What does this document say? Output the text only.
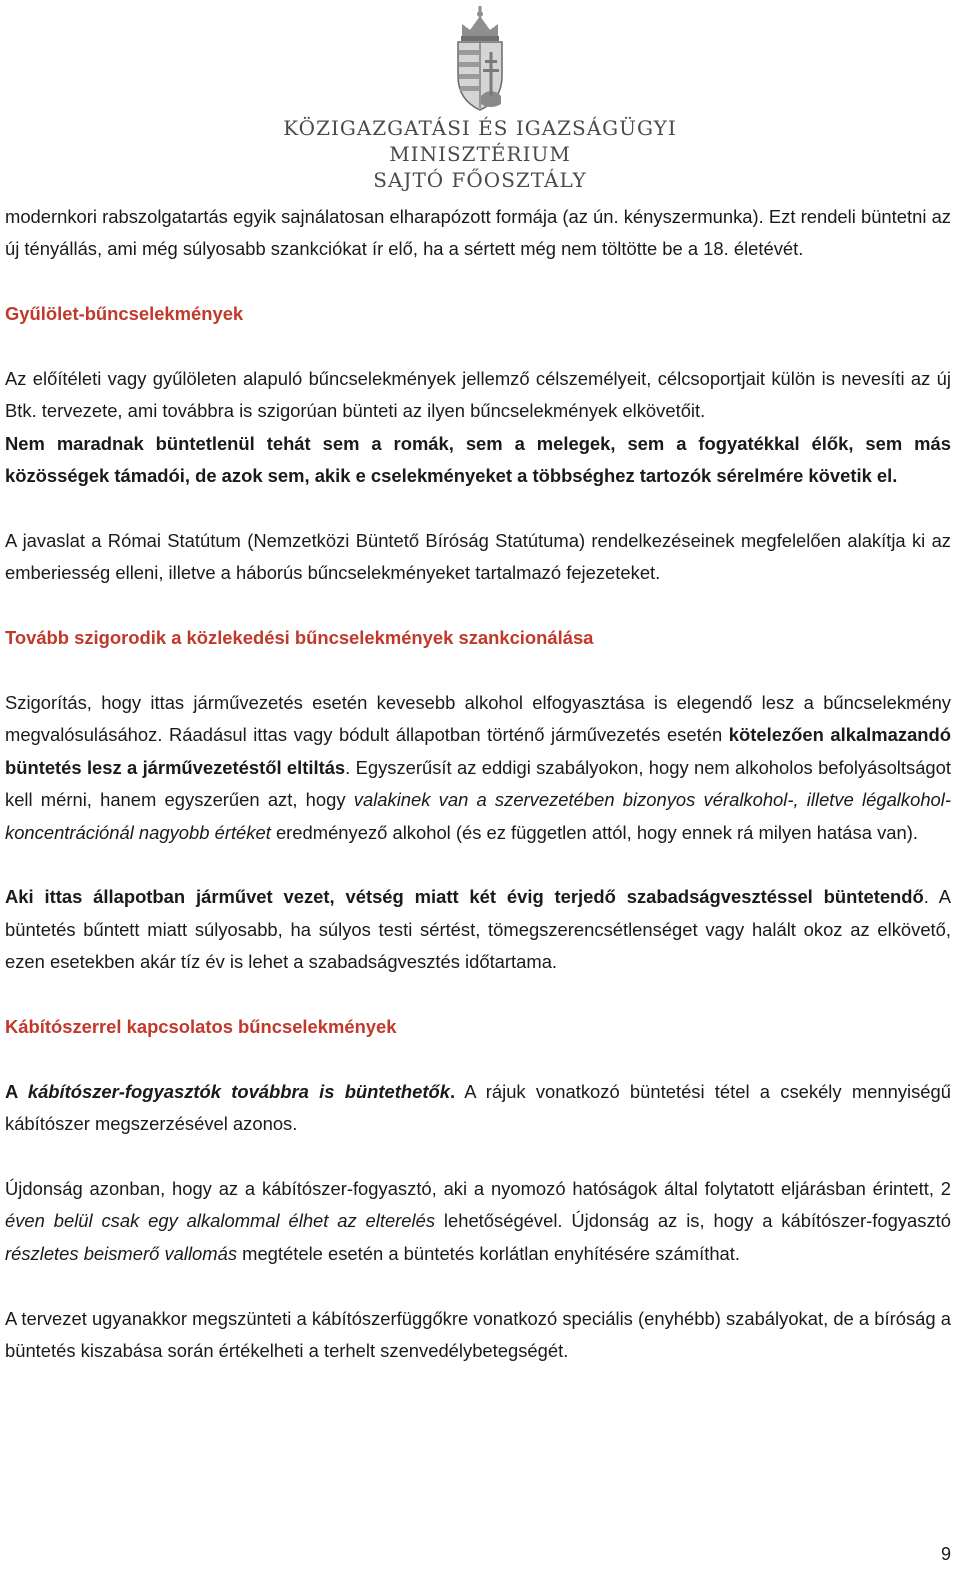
KÖZIGAZGATÁSI ÉS IGAZSÁGÜGYI
MINISZTÉRIUM
SAJTÓ FŐOSZTÁLY

modernkori rabszolgatartás egyik sajnálatosan elharapózott formája (az ún. kényszermunka). Ezt rendeli büntetni az új tényállás, ami még súlyosabb szankciókat ír elő, ha a sértett még nem töltötte be a 18. életévét.

Gyűlölet-bűncselekmények

Az előítéleti vagy gyűlöleten alapuló bűncselekmények jellemző célszemélyeit, célcsoportjait külön is nevesíti az új Btk. tervezete, ami továbbra is szigorúan bünteti az ilyen bűncselekmények elkövetőit.

Nem maradnak büntetlenül tehát sem a romák, sem a melegek, sem a fogyatékkal élők, sem más közösségek támadói, de azok sem, akik e cselekményeket a többséghez tartozók sérelmére követik el.

A javaslat a Római Statútum (Nemzetközi Büntető Bíróság Statútuma) rendelkezéseinek megfelelően alakítja ki az emberiesség elleni, illetve a háborús bűncselekményeket tartalmazó fejezeteket.

Tovább szigorodik a közlekedési bűncselekmények szankcionálása

Szigorítás, hogy ittas járművezetés esetén kevesebb alkohol elfogyasztása is elegendő lesz a bűncselekmény megvalósulásához. Ráadásul ittas vagy bódult állapotban történő járművezetés esetén kötelezően alkalmazandó büntetés lesz a járművezetéstől eltiltás. Egyszerűsít az eddigi szabályokon, hogy nem alkoholos befolyásoltságot kell mérni, hanem egyszerűen azt, hogy valakinek van a szervezetében bizonyos véralkohol-, illetve légalkohol-koncentrációnál nagyobb értéket eredményező alkohol (és ez független attól, hogy ennek rá milyen hatása van).

Aki ittas állapotban járművet vezet, vétség miatt két évig terjedő szabadságvesztéssel büntetendő. A büntetés bűntett miatt súlyosabb, ha súlyos testi sértést, tömegszerencsétlenséget vagy halált okoz az elkövető, ezen esetekben akár tíz év is lehet a szabadságvesztés időtartama.

Kábítószerrel kapcsolatos bűncselekmények

A kábítószer-fogyasztók továbbra is büntethetők. A rájuk vonatkozó büntetési tétel a csekély mennyiségű kábítószer megszerzésével azonos.

Újdonság azonban, hogy az a kábítószer-fogyasztó, aki a nyomozó hatóságok által folytatott eljárásban érintett, 2 éven belül csak egy alkalommal élhet az elterelés lehetőségével. Újdonság az is, hogy a kábítószer-fogyasztó részletes beismerő vallomás megtétele esetén a büntetés korlátlan enyhítésére számíthat.

A tervezet ugyanakkor megszünteti a kábítószerfüggőkre vonatkozó speciális (enyhébb) szabályokat, de a bíróság a büntetés kiszabása során értékelheti a terhelt szenvedélybetegségét.

9
